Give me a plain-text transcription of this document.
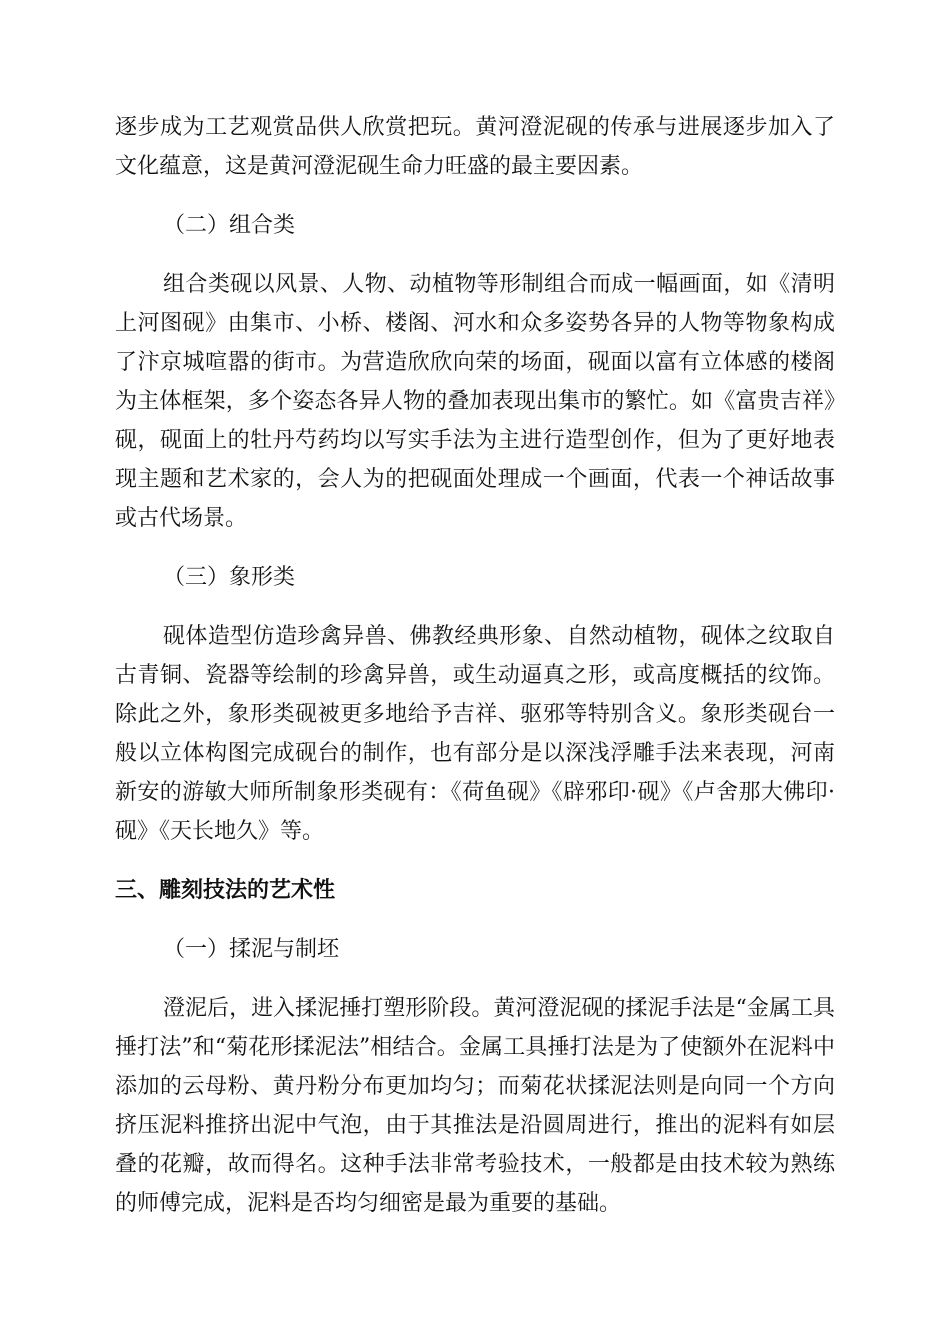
逐步成为工艺观赏品供人欣赏把玩。黄河澄泥砚的传承与进展逐步加入了文化蕴意，这是黄河澄泥砚生命力旺盛的最主要因素。

（二）组合类

组合类砚以风景、人物、动植物等形制组合而成一幅画面，如《清明上河图砚》由集市、小桥、楼阁、河水和众多姿势各异的人物等物象构成了汴京城喧嚣的街市。为营造欣欣向荣的场面，砚面以富有立体感的楼阁为主体框架，多个姿态各异人物的叠加表现出集市的繁忙。如《富贵吉祥》砚，砚面上的牡丹芍药均以写实手法为主进行造型创作，但为了更好地表现主题和艺术家的，会人为的把砚面处理成一个画面，代表一个神话故事或古代场景。

（三）象形类

砚体造型仿造珍禽异兽、佛教经典形象、自然动植物，砚体之纹取自古青铜、瓷器等绘制的珍禽异兽，或生动逼真之形，或高度概括的纹饰。除此之外，象形类砚被更多地给予吉祥、驱邪等特别含义。象形类砚台一般以立体构图完成砚台的制作，也有部分是以深浅浮雕手法来表现，河南新安的游敏大师所制象形类砚有：《荷鱼砚》《辟邪印·砚》《卢舍那大佛印·砚》《天长地久》等。

三、雕刻技法的艺术性

（一）揉泥与制坯

澄泥后，进入揉泥捶打塑形阶段。黄河澄泥砚的揉泥手法是“金属工具捶打法”和“菊花形揉泥法”相结合。金属工具捶打法是为了使额外在泥料中添加的云母粉、黄丹粉分布更加均匀；而菊花状揉泥法则是向同一个方向挤压泥料推挤出泥中气泡，由于其推法是沿圆周进行，推出的泥料有如层叠的花瓣，故而得名。这种手法非常考验技术，一般都是由技术较为熟练的师傅完成，泥料是否均匀细密是最为重要的基础。
